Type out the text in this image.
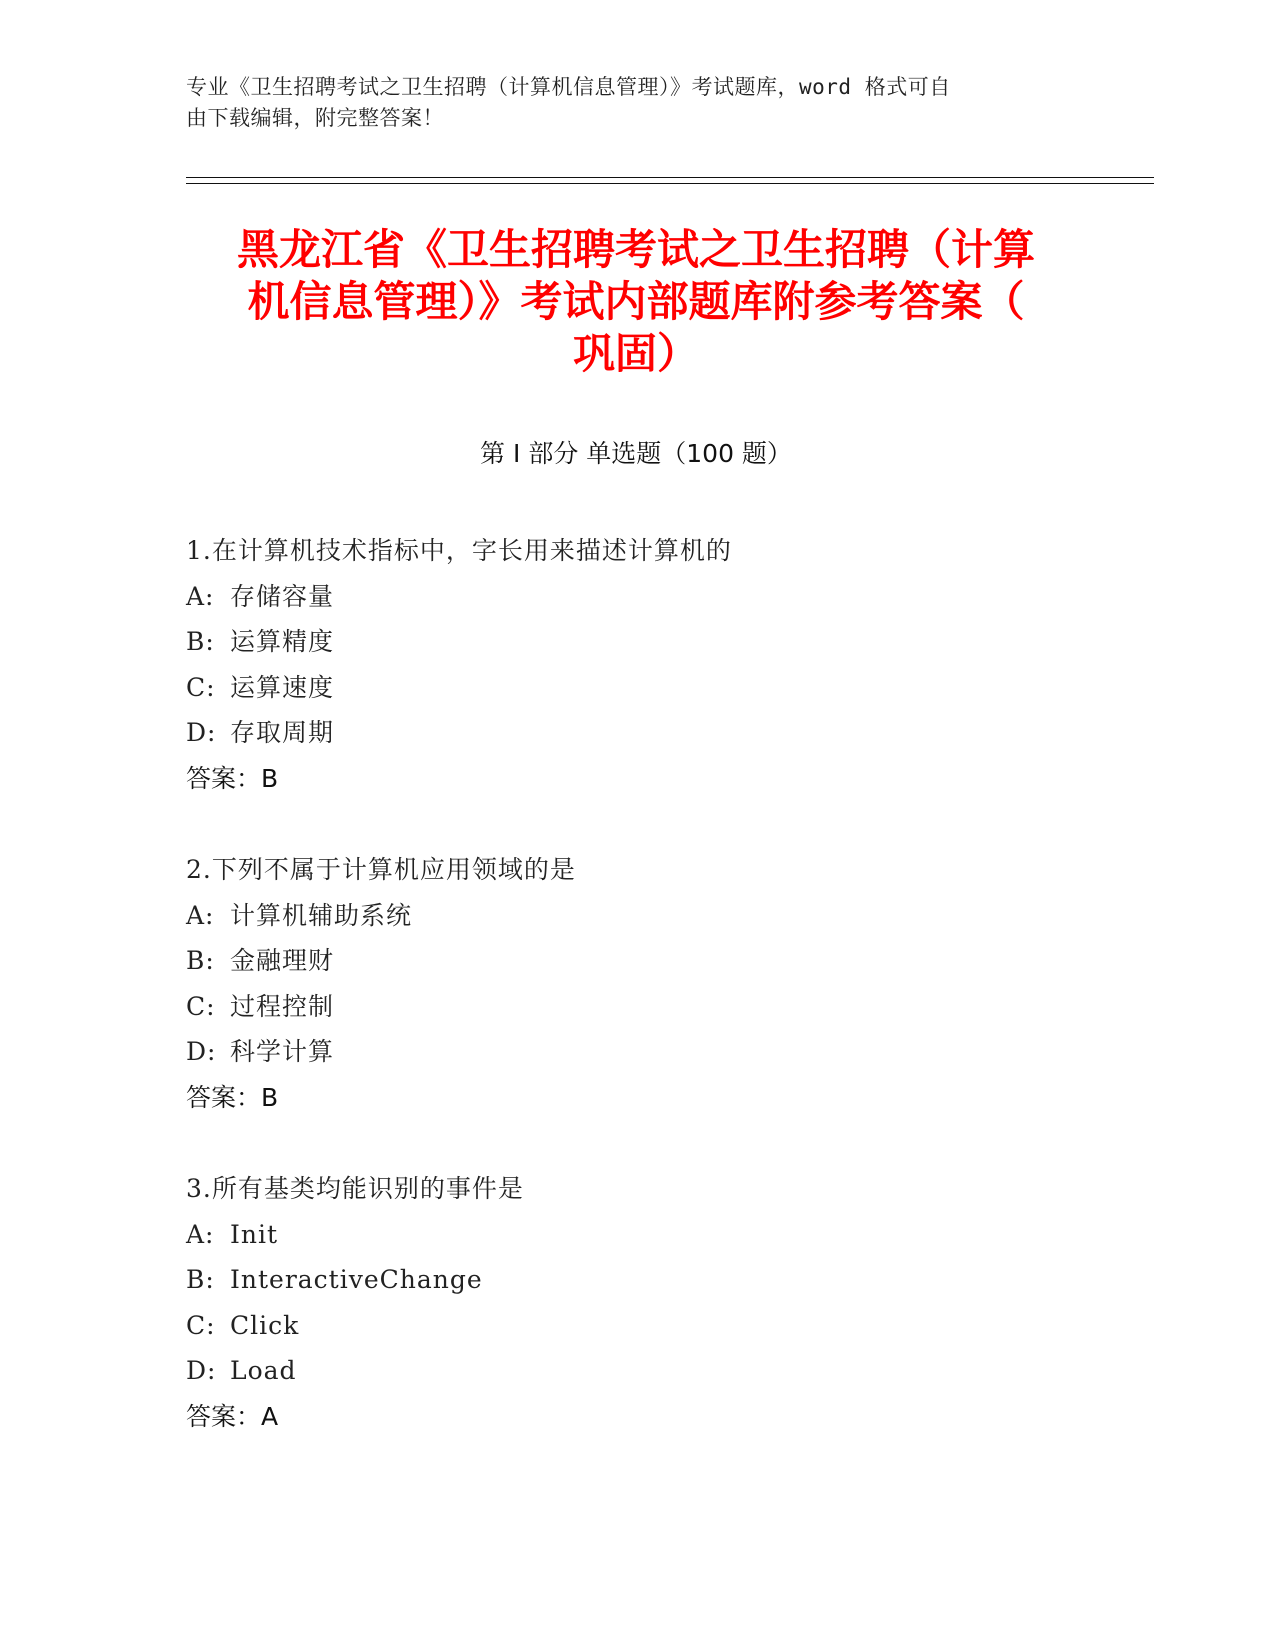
专业《卫生招聘考试之卫生招聘（计算机信息管理）》考试题库，word 格式可自
由下载编辑，附完整答案！
黑龙江省《卫生招聘考试之卫生招聘（计算
机信息管理）》考试内部题库附参考答案（
巩固）
第 I 部分 单选题（100 题）
1.在计算机技术指标中，字长用来描述计算机的
A: 存储容量
B: 运算精度
C: 运算速度
D: 存取周期
答案：B
2.下列不属于计算机应用领域的是
A: 计算机辅助系统
B: 金融理财
C: 过程控制
D: 科学计算
答案：B
3.所有基类均能识别的事件是
A: Init
B: InteractiveChange
C: Click
D: Load
答案：A
